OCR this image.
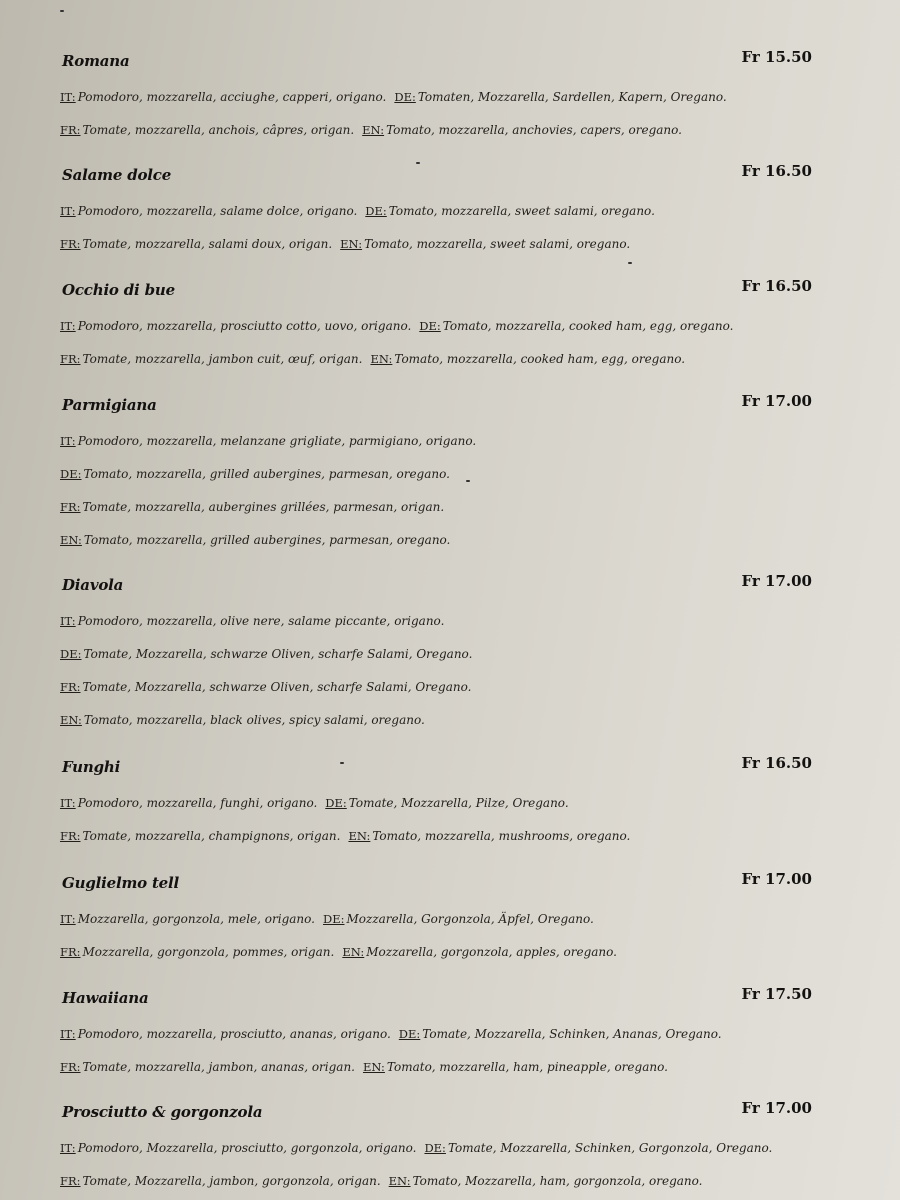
Romana	Fr 15.50
IT: Pomodoro, mozzarella, acciughe, capperi, origano. DE: Tomaten, Mozzarella, Sardellen, Kapern, Oregano.
FR: Tomate, mozzarella, anchois, câpres, origan. EN: Tomato, mozzarella, anchovies, capers, oregano.
Salame dolce	Fr 16.50
IT: Pomodoro, mozzarella, salame dolce, origano. DE: Tomato, mozzarella, sweet salami, oregano.
FR: Tomate, mozzarella, salami doux, origan. EN: Tomato, mozzarella, sweet salami, oregano.
Occhio di bue	Fr 16.50
IT: Pomodoro, mozzarella, prosciutto cotto, uovo, origano. DE: Tomato, mozzarella, cooked ham, egg, oregano.
FR: Tomate, mozzarella, jambon cuit, œuf, origan. EN: Tomato, mozzarella, cooked ham, egg, oregano.
Parmigiana	Fr 17.00
IT: Pomodoro, mozzarella, melanzane grigliate, parmigiano, origano.
DE: Tomato, mozzarella, grilled aubergines, parmesan, oregano.
FR: Tomate, mozzarella, aubergines grillées, parmesan, origan.
EN: Tomato, mozzarella, grilled aubergines, parmesan, oregano.
Diavola	Fr 17.00
IT: Pomodoro, mozzarella, olive nere, salame piccante, origano.
DE: Tomate, Mozzarella, schwarze Oliven, scharfe Salami, Oregano.
FR: Tomate, Mozzarella, schwarze Oliven, scharfe Salami, Oregano.
EN: Tomato, mozzarella, black olives, spicy salami, oregano.
Funghi	Fr 16.50
IT: Pomodoro, mozzarella, funghi, origano. DE: Tomate, Mozzarella, Pilze, Oregano.
FR: Tomate, mozzarella, champignons, origan. EN: Tomato, mozzarella, mushrooms, oregano.
Guglielmo tell	Fr 17.00
IT: Mozzarella, gorgonzola, mele, origano. DE: Mozzarella, Gorgonzola, Äpfel, Oregano.
FR: Mozzarella, gorgonzola, pommes, origan. EN: Mozzarella, gorgonzola, apples, oregano.
Hawaiiana	Fr 17.50
IT: Pomodoro, mozzarella, prosciutto, ananas, origano. DE: Tomate, Mozzarella, Schinken, Ananas, Oregano.
FR: Tomate, mozzarella, jambon, ananas, origan. EN: Tomato, mozzarella, ham, pineapple, oregano.
Prosciutto & gorgonzola	Fr 17.00
IT: Pomodoro, Mozzarella, prosciutto, gorgonzola, origano. DE: Tomate, Mozzarella, Schinken, Gorgonzola, Oregano.
FR: Tomate, Mozzarella, jambon, gorgonzola, origan. EN: Tomato, Mozzarella, ham, gorgonzola, oregano.
